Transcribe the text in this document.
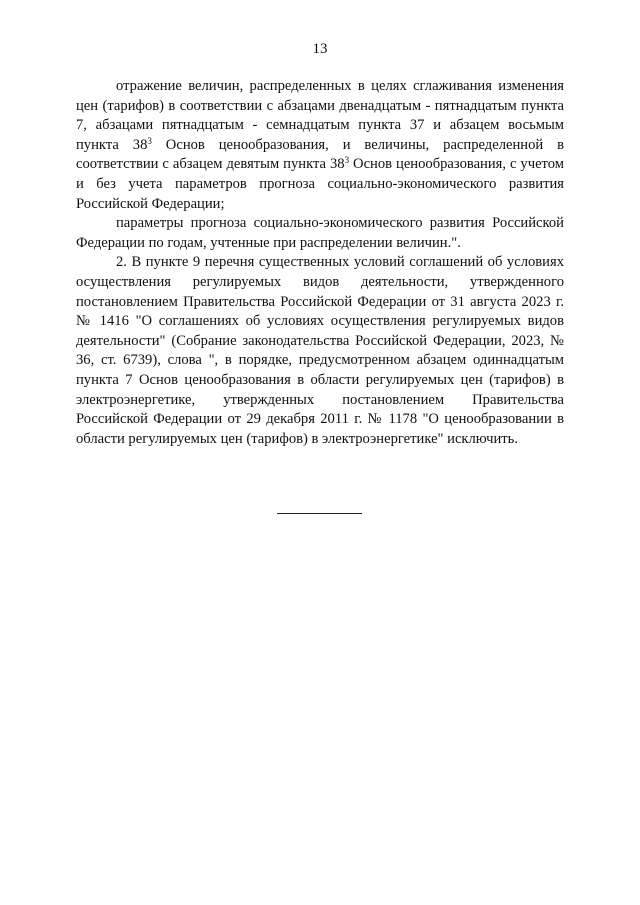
13

отражение величин, распределенных в целях сглаживания изменения цен (тарифов) в соответствии с абзацами двенадцатым - пятнадцатым пункта 7, абзацами пятнадцатым - семнадцатым пункта 37 и абзацем восьмым пункта $38^3$ Основ ценообразования, и величины, распределенной в соответствии с абзацем девятым пункта $38^3$ Основ ценообразования, с учетом и без учета параметров прогноза социально-экономического развития Российской Федерации;

параметры прогноза социально-экономического развития Российской Федерации по годам, учтенные при распределении величин.".

2. В пункте 9 перечня существенных условий соглашений об условиях осуществления регулируемых видов деятельности, утвержденного постановлением Правительства Российской Федерации от 31 августа 2023 г. № 1416 "О соглашениях об условиях осуществления регулируемых видов деятельности" (Собрание законодательства Российской Федерации, 2023, № 36, ст. 6739), слова ", в порядке, предусмотренном абзацем одиннадцатым пункта 7 Основ ценообразования в области регулируемых цен (тарифов) в электроэнергетике, утвержденных постановлением Правительства Российской Федерации от 29 декабря 2011 г. № 1178 "О ценообразовании в области регулируемых цен (тарифов) в электроэнергетике" исключить.
